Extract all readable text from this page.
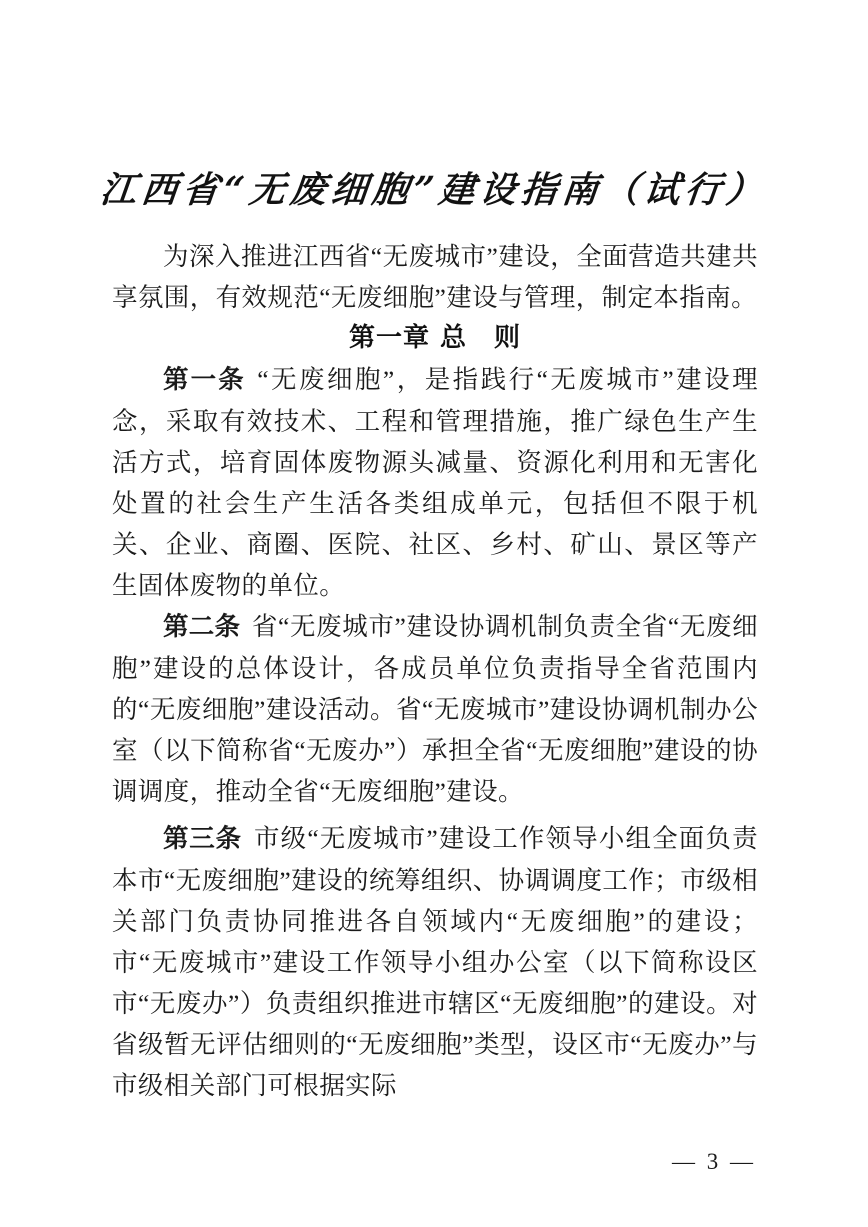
江西省“无废细胞”建设指南（试行）

为深入推进江西省“无废城市”建设，全面营造共建共享氛围，有效规范“无废细胞”建设与管理，制定本指南。

第一章 总　则

第一条 “无废细胞”，是指践行“无废城市”建设理念，采取有效技术、工程和管理措施，推广绿色生产生活方式，培育固体废物源头减量、资源化利用和无害化处置的社会生产生活各类组成单元，包括但不限于机关、企业、商圈、医院、社区、乡村、矿山、景区等产生固体废物的单位。

第二条 省“无废城市”建设协调机制负责全省“无废细胞”建设的总体设计，各成员单位负责指导全省范围内的“无废细胞”建设活动。省“无废城市”建设协调机制办公室（以下简称省“无废办”）承担全省“无废细胞”建设的协调调度，推动全省“无废细胞”建设。

第三条 市级“无废城市”建设工作领导小组全面负责本市“无废细胞”建设的统筹组织、协调调度工作；市级相关部门负责协同推进各自领域内“无废细胞”的建设；市“无废城市”建设工作领导小组办公室（以下简称设区市“无废办”）负责组织推进市辖区“无废细胞”的建设。对省级暂无评估细则的“无废细胞”类型，设区市“无废办”与市级相关部门可根据实际

— 3 —
